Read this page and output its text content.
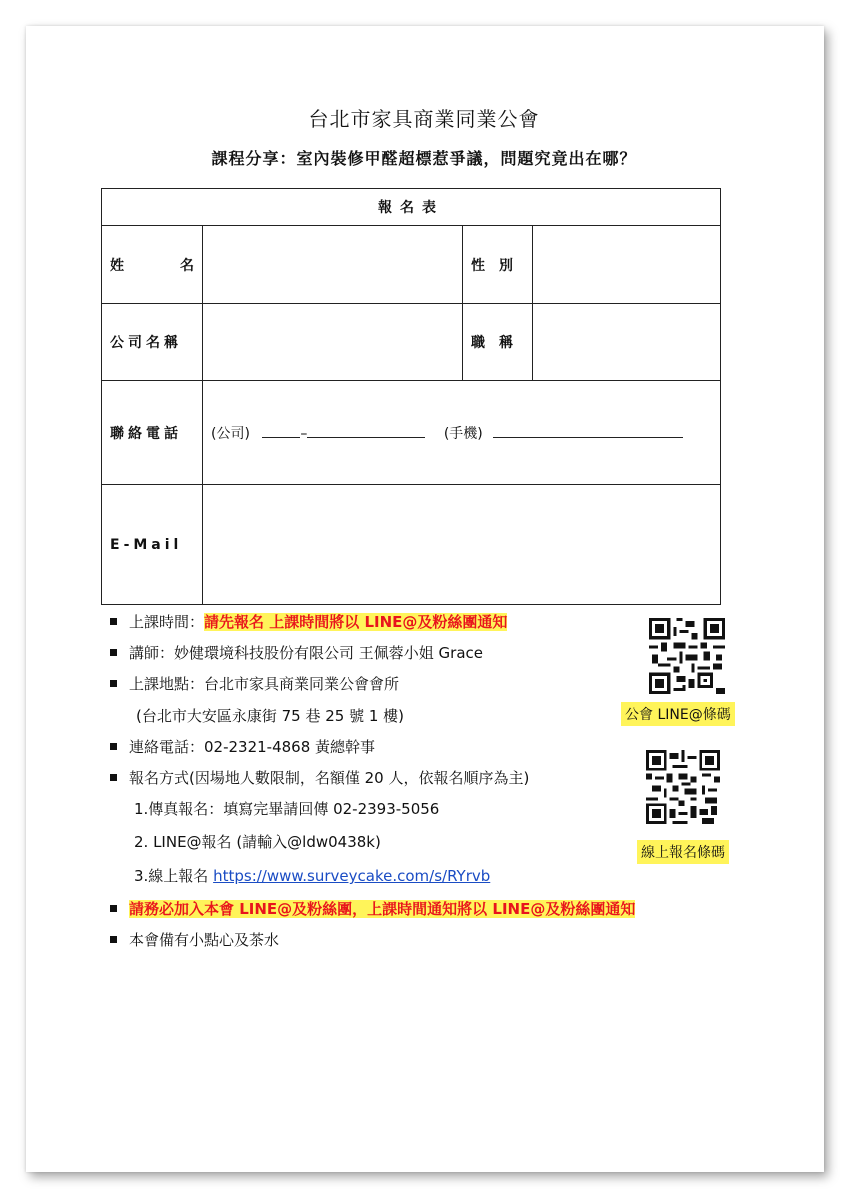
台北市家具商業同業公會
課程分享：室內裝修甲醛超標惹爭議，問題究竟出在哪？
報名表			

姓 名		性　別	
公司名稱		職　稱	
聯絡電話	(公司) – (手機)		
E-Mail			
上課時間：請先報名 上課時間將以 LINE@及粉絲團通知
講師：妙健環境科技股份有限公司 王佩蓉小姐 Grace
上課地點：台北市家具商業同業公會會所
(台北市大安區永康街 75 巷 25 號 1 樓)
連絡電話：02-2321-4868 黃總幹事
報名方式(因場地人數限制，名額僅 20 人，依報名順序為主)
1.傳真報名：填寫完畢請回傳 02-2393-5056
2. LINE@報名 (請輸入@ldw0438k)
3.線上報名 https://www.surveycake.com/s/RYrvb
請務必加入本會 LINE@及粉絲團，上課時間通知將以 LINE@及粉絲團通知
本會備有小點心及茶水
公會 LINE@條碼
線上報名條碼
